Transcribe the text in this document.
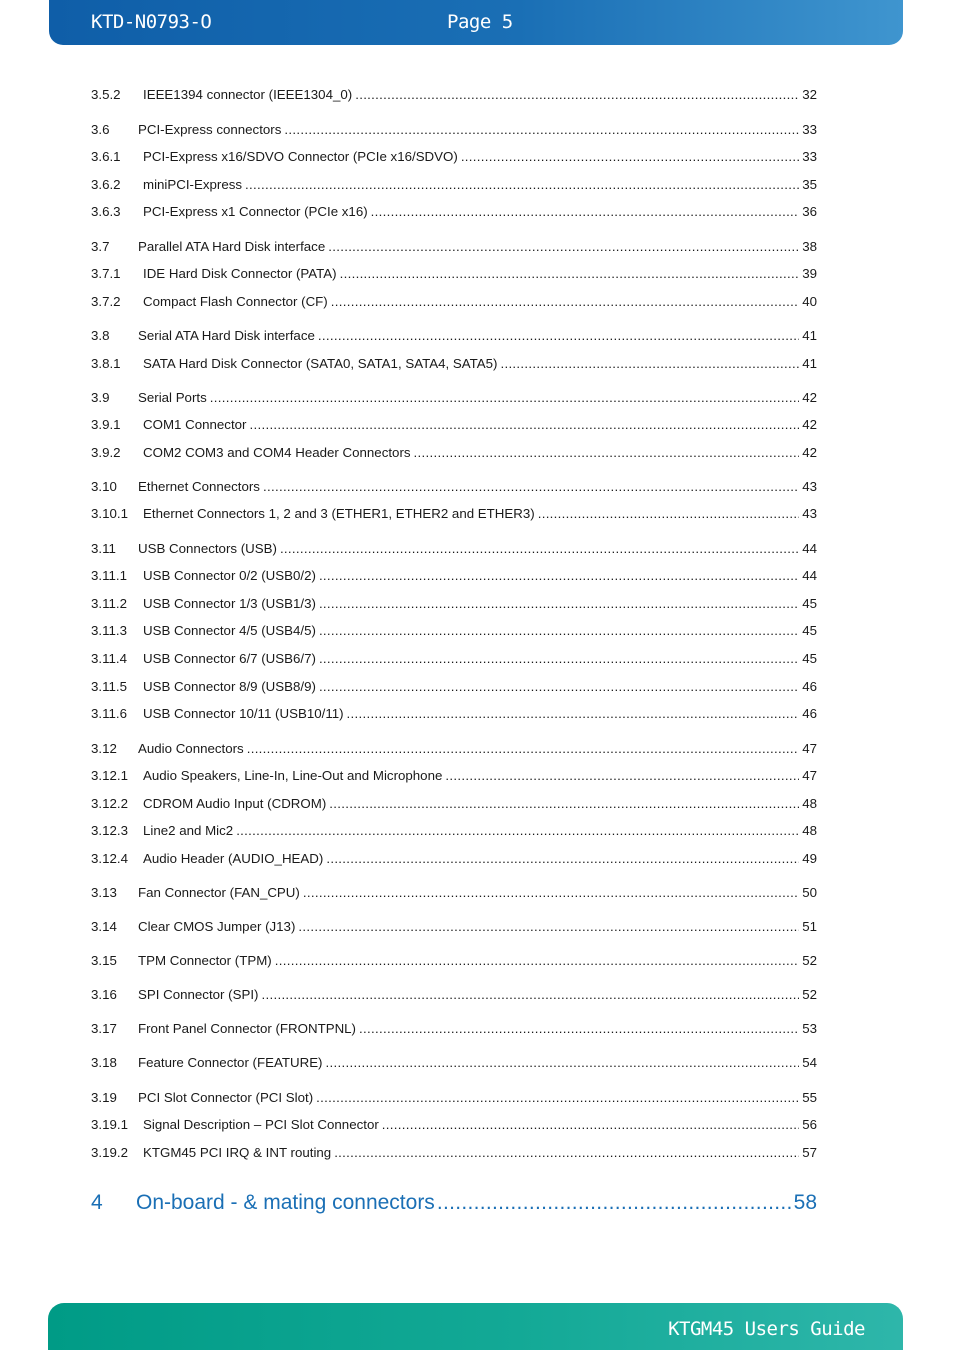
KTD-N0793-O	Page 5
3.5.2	IEEE1394 connector (IEEE1304_0) .....	32
3.6	PCI-Express connectors .....	33
3.6.1	PCI-Express x16/SDVO Connector (PCIe x16/SDVO) .....	33
3.6.2	miniPCI-Express .....	35
3.6.3	PCI-Express x1 Connector (PCIe x16) .....	36
3.7	Parallel ATA Hard Disk interface .....	38
3.7.1	IDE Hard Disk Connector (PATA) .....	39
3.7.2	Compact Flash Connector (CF) .....	40
3.8	Serial ATA Hard Disk interface .....	41
3.8.1	SATA Hard Disk Connector (SATA0, SATA1, SATA4, SATA5) .....	41
3.9	Serial Ports .....	42
3.9.1	COM1 Connector .....	42
3.9.2	COM2 COM3 and COM4 Header Connectors .....	42
3.10	Ethernet Connectors .....	43
3.10.1	Ethernet Connectors 1, 2 and 3 (ETHER1, ETHER2 and ETHER3) .....	43
3.11	USB Connectors (USB) .....	44
3.11.1	USB Connector 0/2 (USB0/2) .....	44
3.11.2	USB Connector 1/3 (USB1/3) .....	45
3.11.3	USB Connector 4/5 (USB4/5) .....	45
3.11.4	USB Connector 6/7 (USB6/7) .....	45
3.11.5	USB Connector 8/9 (USB8/9) .....	46
3.11.6	USB Connector 10/11 (USB10/11) .....	46
3.12	Audio Connectors .....	47
3.12.1	Audio Speakers, Line-In, Line-Out and Microphone .....	47
3.12.2	CDROM Audio Input (CDROM) .....	48
3.12.3	Line2 and Mic2 .....	48
3.12.4	Audio Header (AUDIO_HEAD) .....	49
3.13	Fan Connector (FAN_CPU) .....	50
3.14	Clear CMOS Jumper (J13) .....	51
3.15	TPM Connector (TPM) .....	52
3.16	SPI Connector (SPI) .....	52
3.17	Front Panel Connector (FRONTPNL) .....	53
3.18	Feature Connector (FEATURE) .....	54
3.19	PCI Slot Connector (PCI Slot) .....	55
3.19.1	Signal Description – PCI Slot Connector .....	56
3.19.2	KTGM45 PCI IRQ & INT routing .....	57
4	On-board - & mating connectors .....	58
KTGM45 Users Guide
